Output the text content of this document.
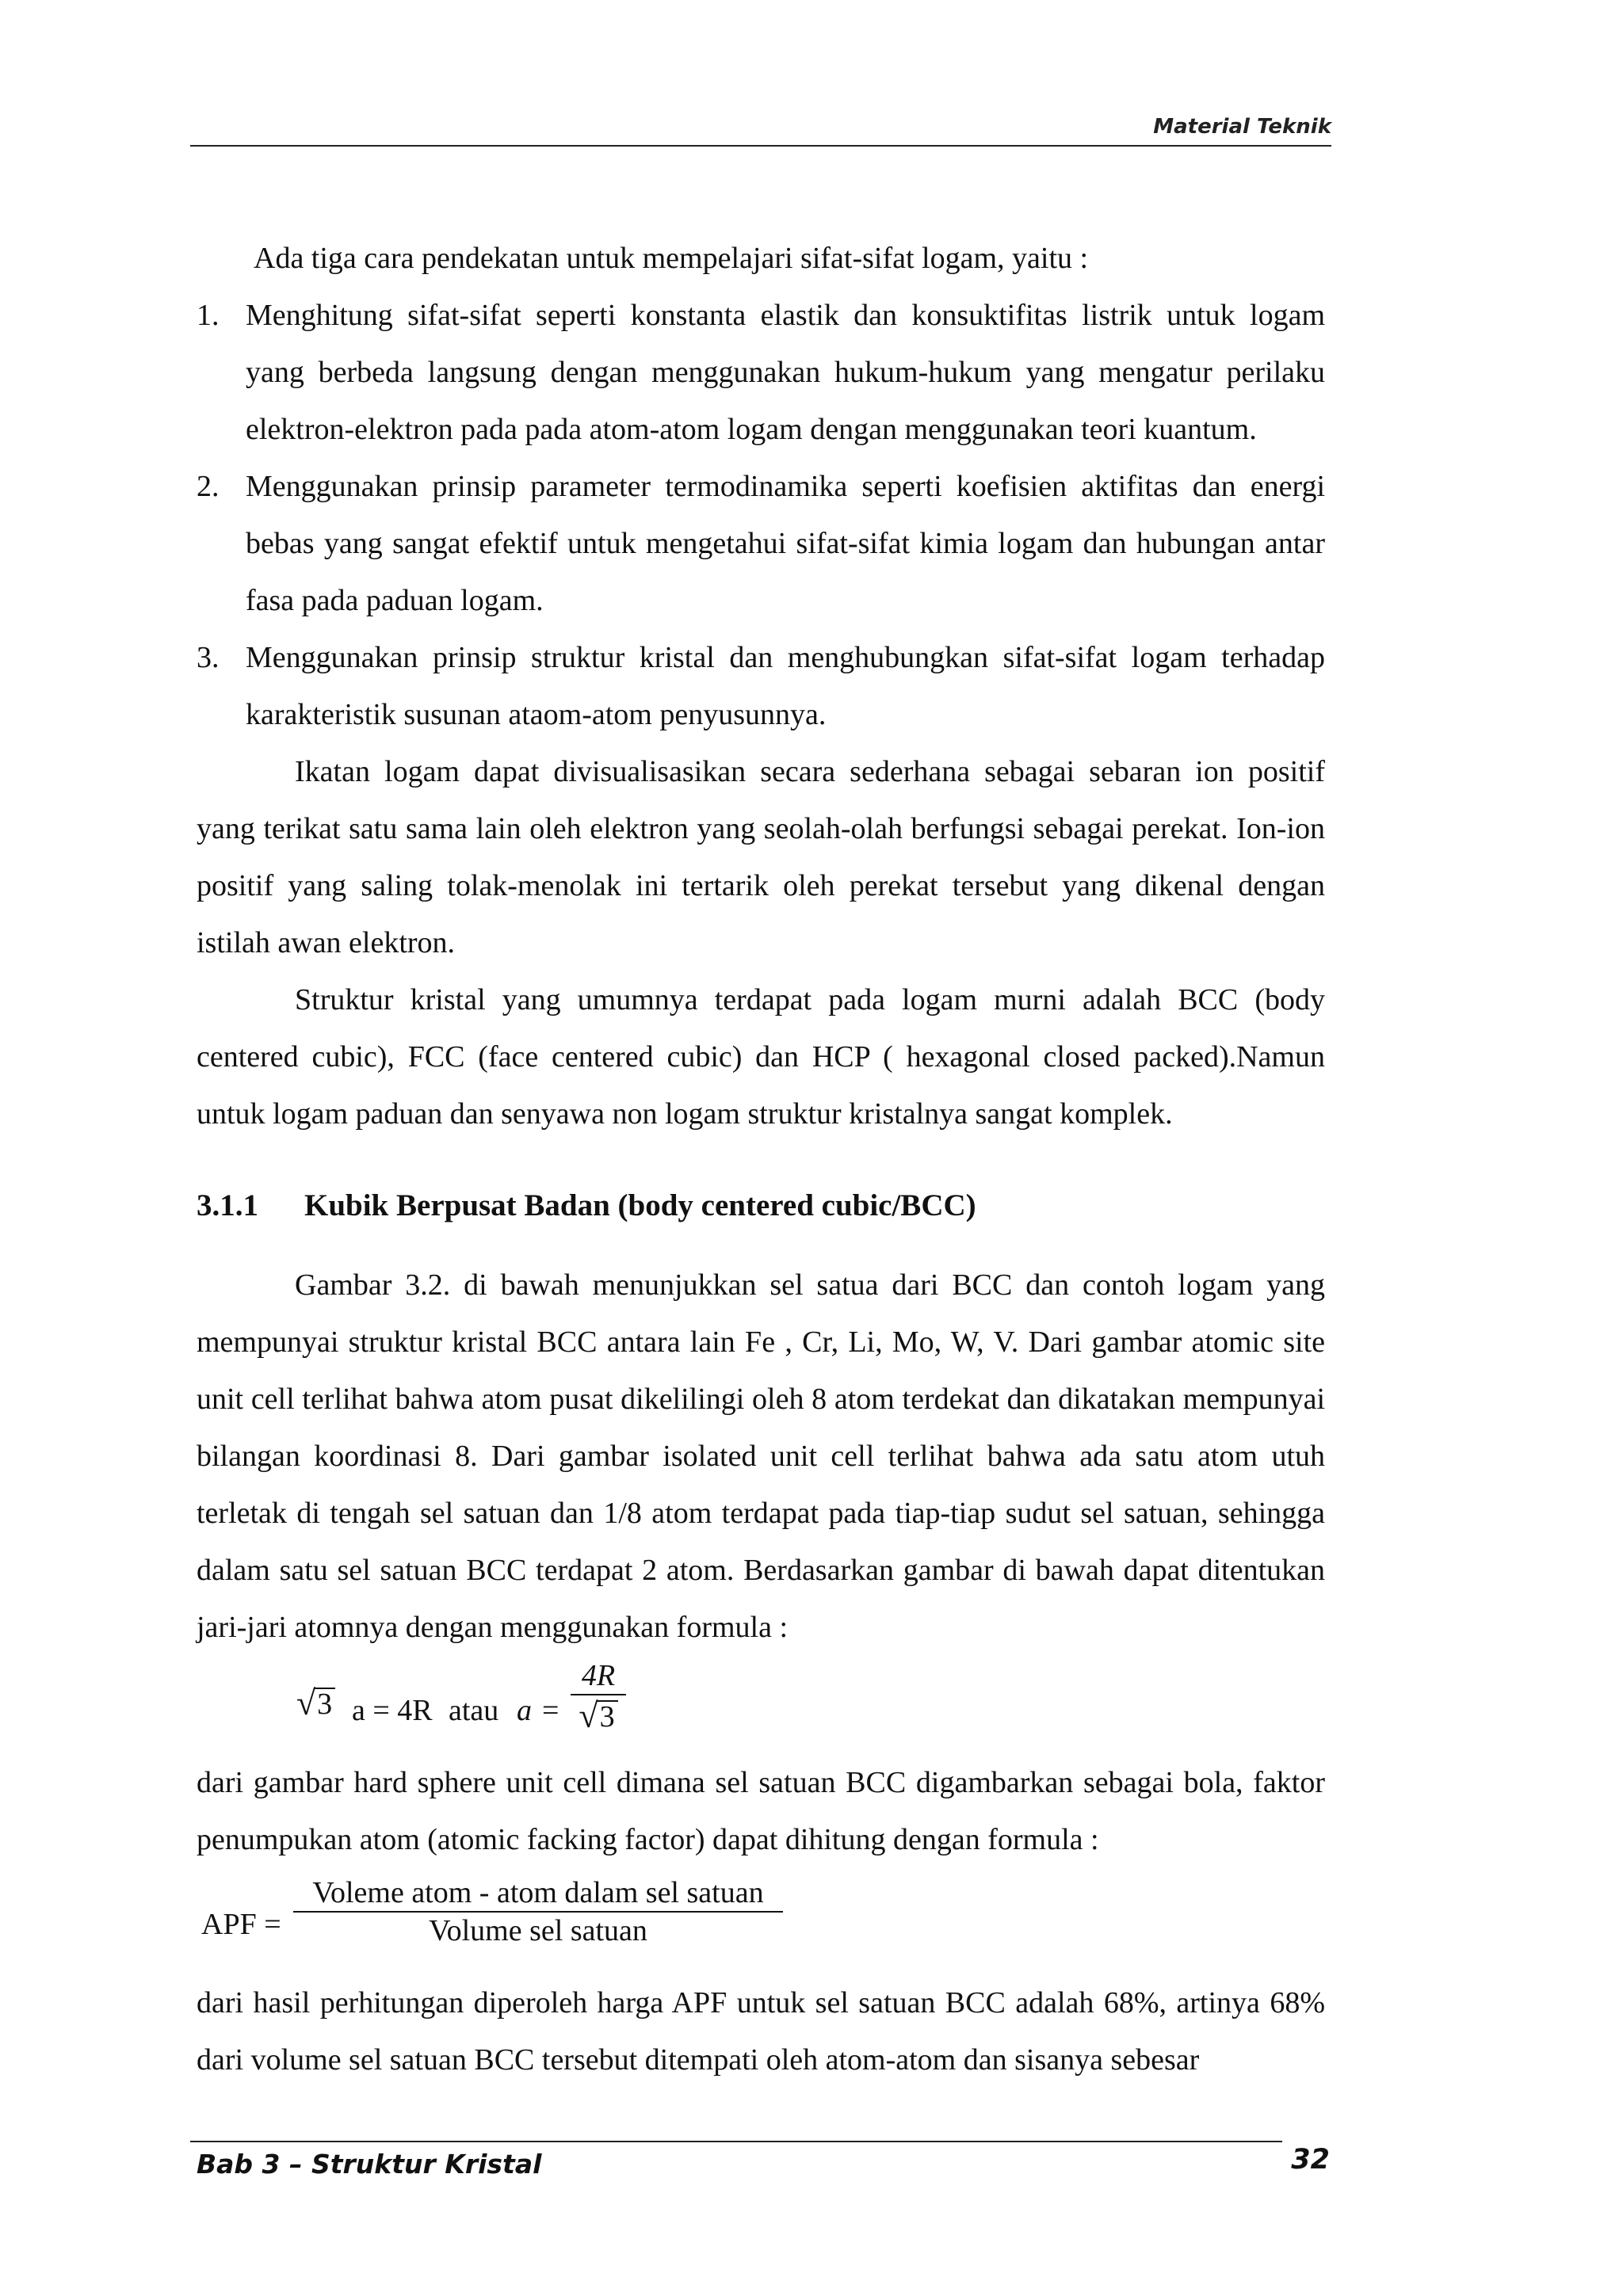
Material Teknik

Ada tiga cara pendekatan untuk mempelajari sifat-sifat logam, yaitu :

1. Menghitung sifat-sifat seperti konstanta elastik dan konsuktifitas listrik untuk logam yang berbeda langsung dengan menggunakan hukum-hukum yang mengatur perilaku elektron-elektron pada pada atom-atom logam dengan menggunakan teori kuantum.
2. Menggunakan prinsip parameter termodinamika seperti koefisien aktifitas dan energi bebas yang sangat efektif untuk mengetahui sifat-sifat kimia logam dan hubungan antar fasa pada paduan logam.
3. Menggunakan prinsip struktur kristal dan menghubungkan sifat-sifat logam terhadap karakteristik susunan ataom-atom penyusunnya.

Ikatan logam dapat divisualisasikan secara sederhana sebagai sebaran ion positif yang terikat satu sama lain oleh elektron yang seolah-olah berfungsi sebagai perekat. Ion-ion positif yang saling tolak-menolak ini tertarik oleh perekat tersebut yang dikenal dengan istilah awan elektron.

Struktur kristal yang umumnya terdapat pada logam murni adalah BCC (body centered cubic), FCC (face centered cubic) dan HCP ( hexagonal closed packed).Namun untuk logam paduan dan senyawa non logam struktur kristalnya sangat komplek.

3.1.1 Kubik Berpusat Badan (body centered cubic/BCC)

Gambar 3.2. di bawah menunjukkan sel satua dari BCC dan contoh logam yang mempunyai struktur kristal BCC antara lain Fe , Cr, Li, Mo, W, V. Dari gambar atomic site unit cell terlihat bahwa atom pusat dikelilingi oleh 8 atom terdekat dan dikatakan mempunyai bilangan koordinasi 8. Dari gambar isolated unit cell terlihat bahwa ada satu atom utuh terletak di tengah sel satuan dan 1/8 atom terdapat pada tiap-tiap sudut sel satuan, sehingga dalam satu sel satuan BCC terdapat 2 atom. Berdasarkan gambar di bawah dapat ditentukan jari-jari atomnya dengan menggunakan formula :

√ 3 a = 4R atau a =
4R
√ 3

dari gambar hard sphere unit cell dimana sel satuan BCC digambarkan sebagai bola, faktor penumpukan atom (atomic facking factor) dapat dihitung dengan formula :

APF =
Voleme atom - atom dalam sel satuan
Volume sel satuan

dari hasil perhitungan diperoleh harga APF untuk sel satuan BCC adalah 68%, artinya 68% dari volume sel satuan BCC tersebut ditempati oleh atom-atom dan sisanya sebesar

Bab 3 – Struktur Kristal	32
